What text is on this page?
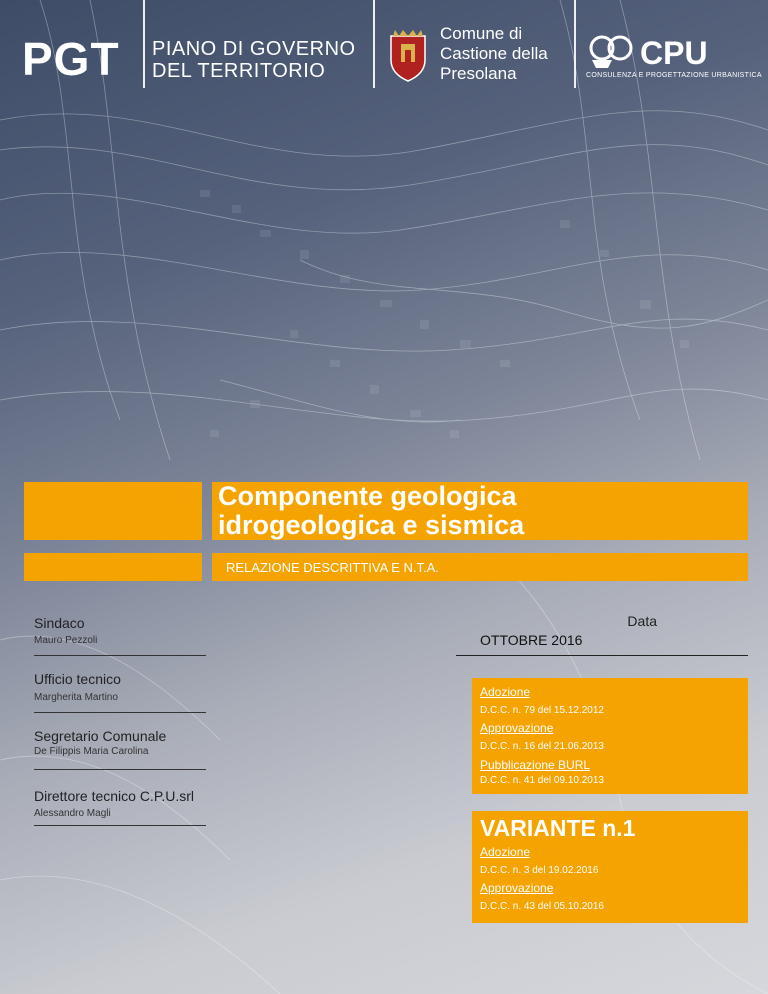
PGT PIANO DI GOVERNO
DEL TERRITORIO
Comune di
Castione della
Presolana
CPU
CONSULENZA E PROGETTAZIONE URBANISTICA
Componente geologica
idrogeologica e sismica
RELAZIONE DESCRITTIVA E N.T.A.
Sindaco
Mauro Pezzoli
Ufficio tecnico
Margherita Martino
Segretario Comunale
De Filippis Maria Carolina
Direttore tecnico C.P.U.srl
Alessandro Magli
Data
OTTOBRE 2016
Adozione
D.C.C. n. 79 del 15.12.2012
Approvazione
D.C.C. n. 16 del 21.06.2013
Pubblicazione BURL
D.C.C. n. 41 del 09.10.2013
VARIANTE n.1
Adozione
D.C.C. n. 3 del 19.02.2016
Approvazione
D.C.C. n. 43 del 05.10.2016
